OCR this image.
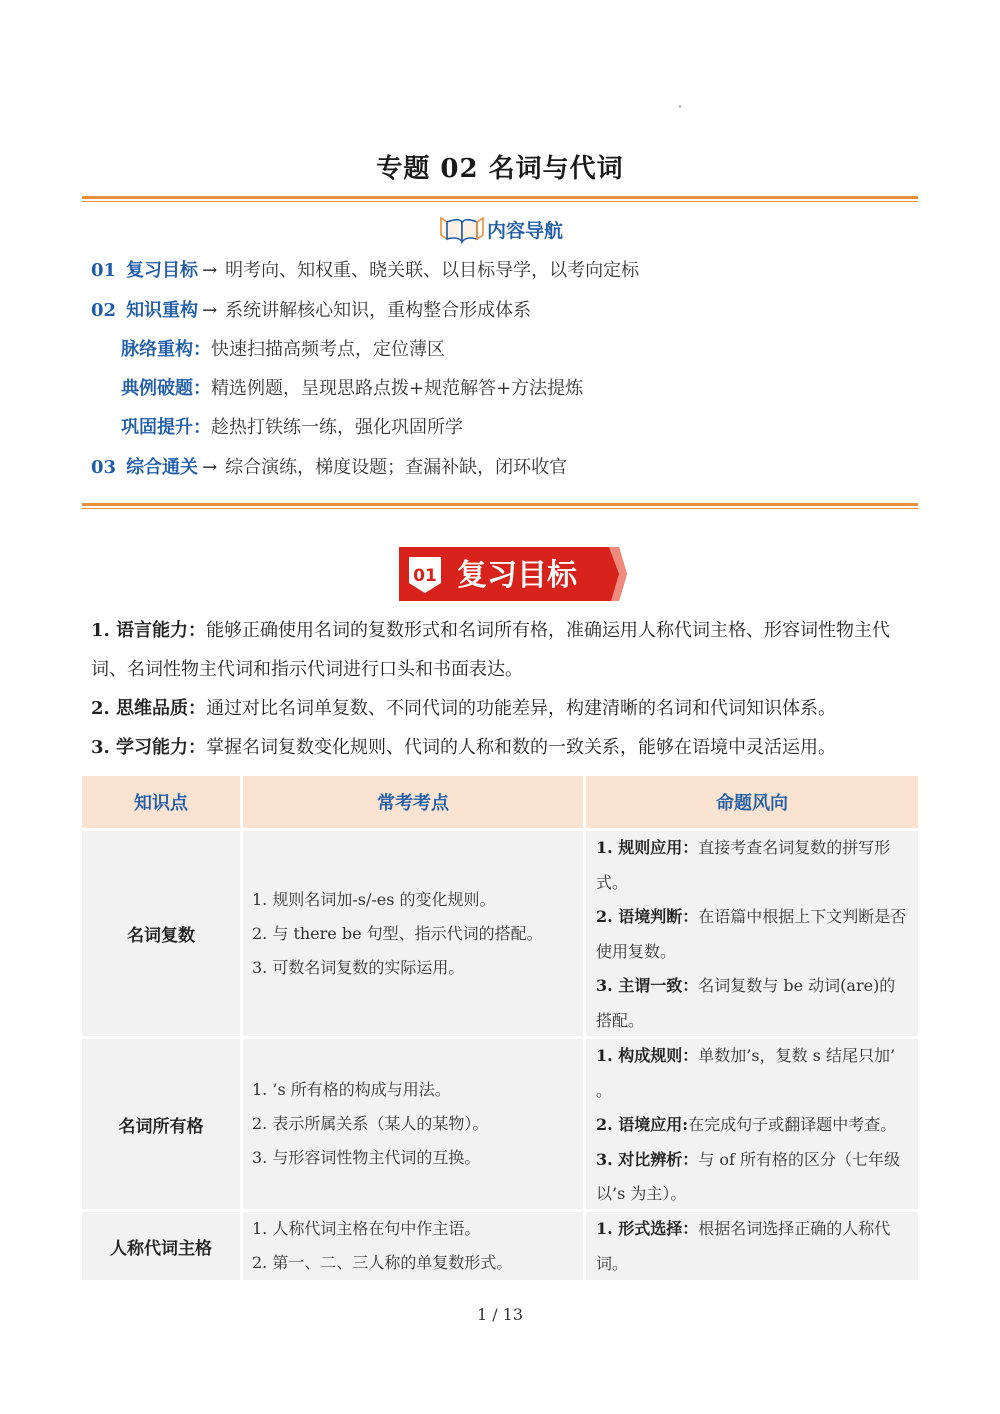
专题 02 名词与代词
内容导航
01 复习目标 → 明考向、知权重、晓关联、以目标导学，以考向定标
02 知识重构 → 系统讲解核心知识，重构整合形成体系
脉络重构：快速扫描高频考点，定位薄区
典例破题：精选例题，呈现思路点拨+规范解答+方法提炼
巩固提升：趁热打铁练一练，强化巩固所学
03 综合通关 → 综合演练，梯度设题；查漏补缺，闭环收官
01 复习目标
1. 语言能力：能够正确使用名词的复数形式和名词所有格，准确运用人称代词主格、形容词性物主代词、名词性物主代词和指示代词进行口头和书面表达。
2. 思维品质：通过对比名词单复数、不同代词的功能差异，构建清晰的名词和代词知识体系。
3. 学习能力：掌握名词复数变化规则、代词的人称和数的一致关系，能够在语境中灵活运用。
知识点	常考考点	命题风向
名词复数
1. 规则名词加-s/-es 的变化规则。
2. 与 there be 句型、指示代词的搭配。
3. 可数名词复数的实际运用。
1. 规则应用：直接考查名词复数的拼写形式。
2. 语境判断：在语篇中根据上下文判断是否使用复数。
3. 主谓一致：名词复数与 be 动词(are)的搭配。
名词所有格
1. ’s 所有格的构成与用法。
2. 表示所属关系（某人的某物）。
3. 与形容词性物主代词的互换。
1. 构成规则：单数加’s，复数 s 结尾只加’ 。
2. 语境应用:在完成句子或翻译题中考查。
3. 对比辨析：与 of 所有格的区分（七年级以’s 为主）。
人称代词主格
1. 人称代词主格在句中作主语。
2. 第一、二、三人称的单复数形式。
1. 形式选择：根据名词选择正确的人称代词。
1 / 13
